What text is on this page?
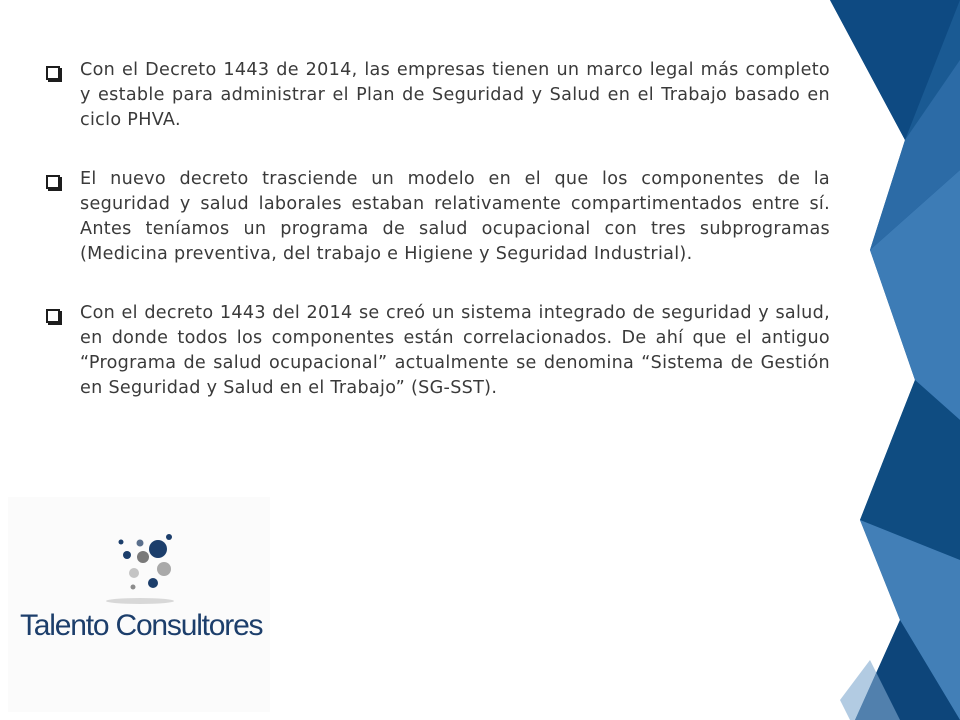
Con el Decreto 1443 de 2014, las empresas tienen un marco legal más completo y estable para administrar el Plan de Seguridad y Salud en el Trabajo basado en ciclo PHVA.
El nuevo decreto trasciende un modelo en el que los componentes de la seguridad y salud laborales estaban relativamente compartimentados entre sí. Antes teníamos un programa de salud ocupacional con tres subprogramas (Medicina preventiva, del trabajo e Higiene y Seguridad Industrial).
Con el decreto 1443 del 2014 se creó un sistema integrado de seguridad y salud, en donde todos los componentes están correlacionados. De ahí que el antiguo “Programa de salud ocupacional” actualmente se denomina “Sistema de Gestión en Seguridad y Salud en el Trabajo” (SG-SST).
Talento Consultores
